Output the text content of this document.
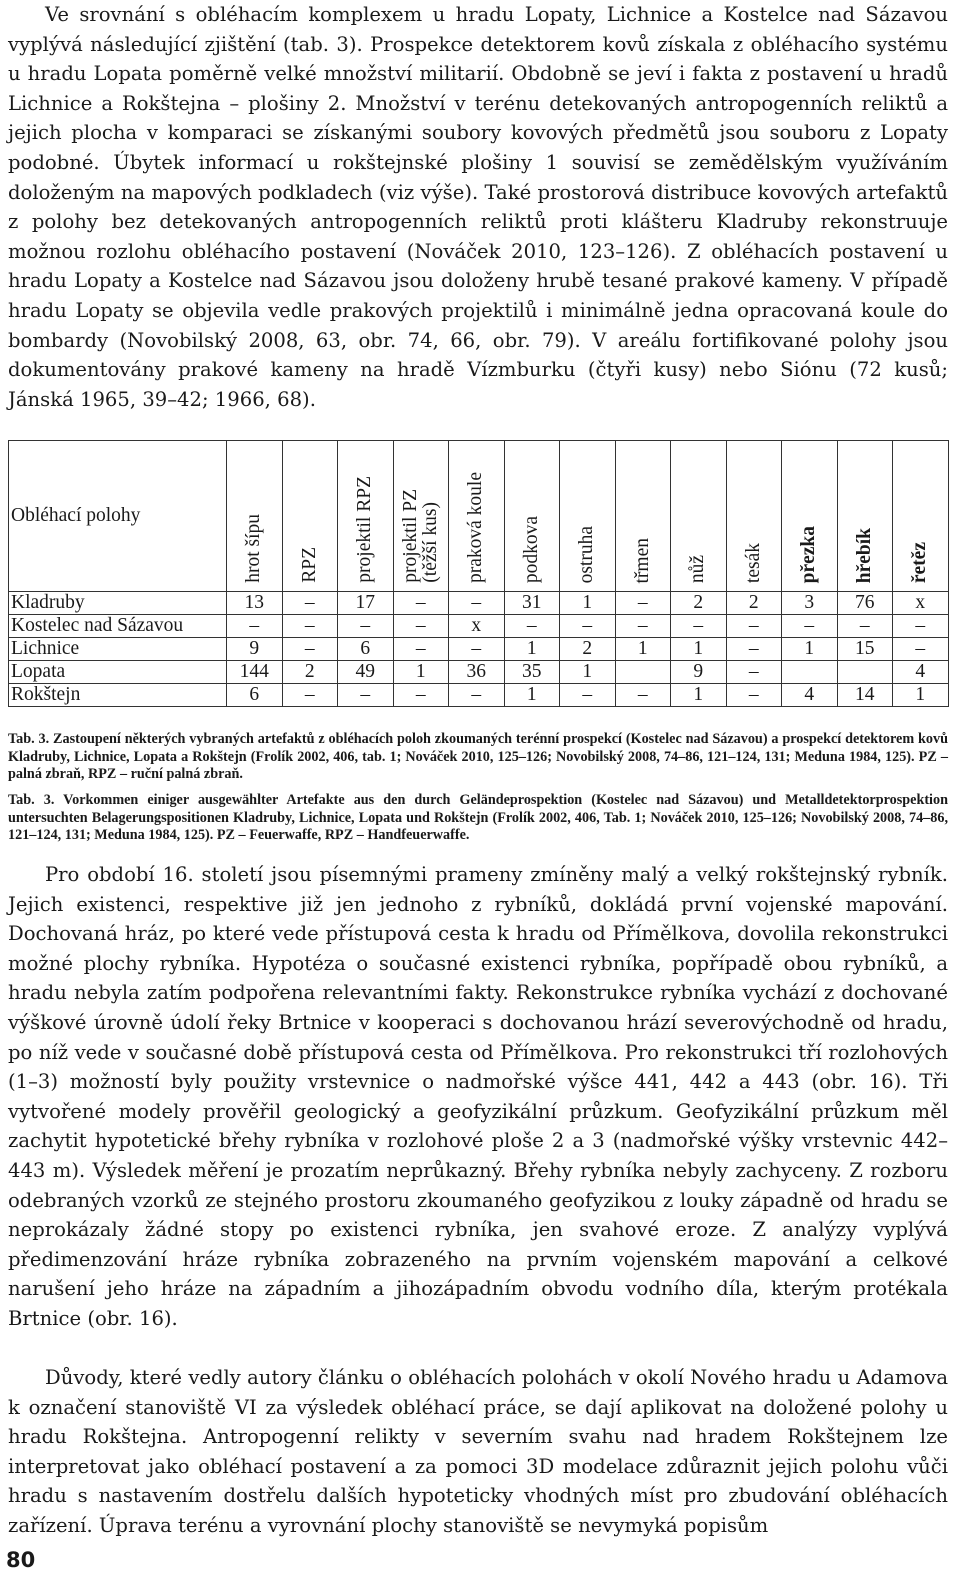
Ve srovnání s obléhacím komplexem u hradu Lopaty, Lichnice a Kostelce nad Sázavou vyplývá následující zjištění (tab. 3). Prospekce detektorem kovů získala z obléhacího systému u hradu Lopata poměrně velké množství militarií. Obdobně se jeví i fakta z postavení u hradů Lichnice a Rokštejna – plošiny 2. Množství v terénu detekovaných antropogenních reliktů a jejich plocha v komparaci se získanými soubory kovových předmětů jsou souboru z Lopaty podobné. Úbytek informací u rokštejnské plošiny 1 souvisí se zemědělským využíváním doloženým na mapových podkladech (viz výše). Také prostorová distribuce kovových artefaktů z polohy bez detekovaných antropogenních reliktů proti klášteru Kladruby rekonstruuje možnou rozlohu obléhacího postavení (Nováček 2010, 123–126). Z obléhacích postavení u hradu Lopaty a Kostelce nad Sázavou jsou doloženy hrubě tesané prakové kameny. V případě hradu Lopaty se objevila vedle prakových projektilů i minimálně jedna opracovaná koule do bombardy (Novobilský 2008, 63, obr. 74, 66, obr. 79). V areálu fortifikované polohy jsou dokumentovány prakové kameny na hradě Vízmburku (čtyři kusy) nebo Siónu (72 kusů; Jánská 1965, 39–42; 1966, 68).

Obléhací polohy	hrot šípu	RPZ	projektil RPZ	projektil PZ(těžší kus)	praková koule	podkova	ostruha	třmen	nůž	tesák	přezka	hřebík	řetěz
Kladruby	13	–	17	–	–	31	1	–	2	2	3	76	x
Kostelec nad Sázavou	–	–	–	–	x	–	–	–	–	–	–	–	–
Lichnice	9	–	6	–	–	1	2	1	1	–	1	15	–
Lopata	144	2	49	1	36	35	1		9	–			4
Rokštejn	6	–	–	–	–	1	–	–	1	–	4	14	1

Tab. 3. Zastoupení některých vybraných artefaktů z obléhacích poloh zkoumaných terénní prospekcí (Kostelec nad Sázavou) a prospekcí detektorem kovů Kladruby, Lichnice, Lopata a Rokštejn (Frolík 2002, 406, tab. 1; Nováček 2010, 125–126; Novobilský 2008, 74–86, 121–124, 131; Meduna 1984, 125). PZ – palná zbraň, RPZ – ruční palná zbraň.

Tab. 3. Vorkommen einiger ausgewählter Artefakte aus den durch Geländeprospektion (Kostelec nad Sázavou) und Metalldetektorprospektion untersuchten Belagerungspositionen Kladruby, Lichnice, Lopata und Rokštejn (Frolík 2002, 406, Tab. 1; Nováček 2010, 125–126; Novobilský 2008, 74–86, 121–124, 131; Meduna 1984, 125). PZ – Feuerwaffe, RPZ – Handfeuerwaffe.

Pro období 16. století jsou písemnými prameny zmíněny malý a velký rokštejnský rybník. Jejich existenci, respektive již jen jednoho z rybníků, dokládá první vojenské mapování. Dochovaná hráz, po které vede přístupová cesta k hradu od Přímělkova, dovolila rekonstrukci možné plochy rybníka. Hypotéza o současné existenci rybníka, popřípadě obou rybníků, a hradu nebyla zatím podpořena relevantními fakty. Rekonstrukce rybníka vychází z dochované výškové úrovně údolí řeky Brtnice v kooperaci s dochovanou hrází severovýchodně od hradu, po níž vede v současné době přístupová cesta od Přímělkova. Pro rekonstrukci tří rozlohových (1–3) možností byly použity vrstevnice o nadmořské výšce 441, 442 a 443 (obr. 16). Tři vytvořené modely prověřil geologický a geofyzikální průzkum. Geofyzikální průzkum měl zachytit hypotetické břehy rybníka v rozlohové ploše 2 a 3 (nadmořské výšky vrstevnic 442–443 m). Výsledek měření je prozatím neprůkazný. Břehy rybníka nebyly zachyceny. Z rozboru odebraných vzorků ze stejného prostoru zkoumaného geofyzikou z louky západně od hradu se neprokázaly žádné stopy po existenci rybníka, jen svahové eroze. Z analýzy vyplývá předimenzování hráze rybníka zobrazeného na prvním vojenském mapování a celkové narušení jeho hráze na západním a jihozápadním obvodu vodního díla, kterým protékala Brtnice (obr. 16).

Důvody, které vedly autory článku o obléhacích polohách v okolí Nového hradu u Adamova k označení stanoviště VI za výsledek obléhací práce, se dají aplikovat na doložené polohy u hradu Rokštejna. Antropogenní relikty v severním svahu nad hradem Rokštejnem lze interpretovat jako obléhací postavení a za pomoci 3D modelace zdůraznit jejich polohu vůči hradu s nastavením dostřelu dalších hypoteticky vhodných míst pro zbudování obléhacích zařízení. Úprava terénu a vyrovnání plochy stanoviště se nevymyká popisům

80
